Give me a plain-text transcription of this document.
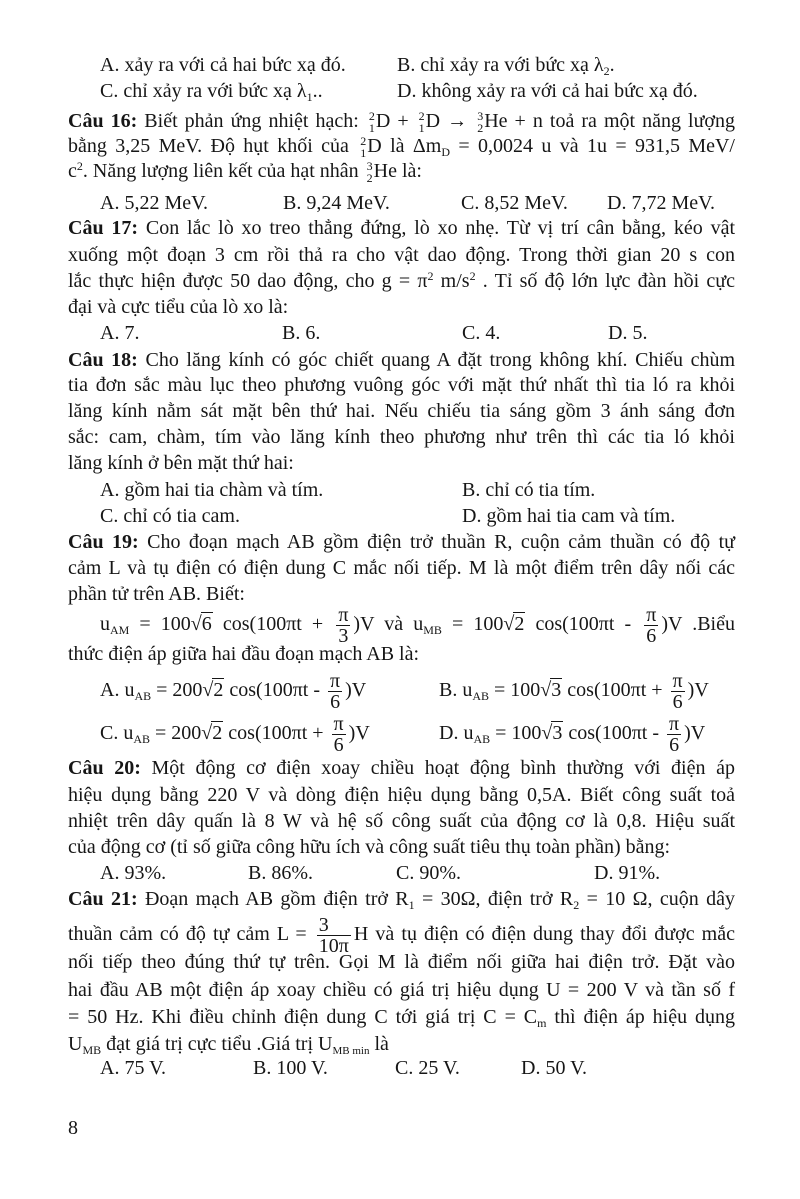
A. xảy ra với cả hai bức xạ đó.	B. chỉ xảy ra với bức xạ $\lambda_2$.
C. chỉ xảy ra với bức xạ $\lambda_1$..	D. không xảy ra với cả hai bức xạ đó.
Câu 16: Biết phản ứng nhiệt hạch: 2
1 D + 2
1 D → 3
2 He + n toả ra một năng lượng
bằng 3,25 MeV. Độ hụt khối của 2
1 D là $\Delta m_D = 0,0024$ u và 1u = 931,5 MeV/
$c^2$. Năng lượng liên kết của hạt nhân 3
2 He là:
A. 5,22 MeV.	B. 9,24 MeV.	C. 8,52 MeV. D. 7,72 MeV.
Câu 17: Con lắc lò xo treo thẳng đứng, lò xo nhẹ. Từ vị trí cân bằng, kéo vật
xuống một đoạn 3 cm rồi thả ra cho vật dao động. Trong thời gian 20 s con
lắc thực hiện được 50 dao động, cho $g = \pi^2$ $m/s^2$ . Tỉ số độ lớn lực đàn hồi cực
đại và cực tiểu của lò xo là:
A. 7.	B. 6.	C. 4.	D. 5.
Câu 18: Cho lăng kính có góc chiết quang A đặt trong không khí. Chiếu chùm
tia đơn sắc màu lục theo phương vuông góc với mặt thứ nhất thì tia ló ra khỏi
lăng kính nằm sát mặt bên thứ hai. Nếu chiếu tia sáng gồm 3 ánh sáng đơn
sắc: cam, chàm, tím vào lăng kính theo phương như trên thì các tia ló khỏi
lăng kính ở bên mặt thứ hai:
A. gồm hai tia chàm và tím.	B. chỉ có tia tím.
C. chỉ có tia cam.	D. gồm hai tia cam và tím.
Câu 19: Cho đoạn mạch AB gồm điện trở thuần R, cuộn cảm thuần có độ tự
cảm L và tụ điện có điện dung C mắc nối tiếp. M là một điểm trên dây nối các
phần tử trên AB. Biết:
$u_{AM} = 100√6$ $\cos(100\pi t + \frac{\pi}{3} )V$ và $u_{MB} = 100√2$ $\cos(100\pi t - \frac{\pi}{6} )V$ .Biểu
thức điện áp giữa hai đầu đoạn mạch AB là:
A. $u_{AB} = 200√2$ $\cos(100\pi t - \frac{\pi}{6} )V$	B. $u_{AB} = 100√3$ $\cos(100\pi t + \frac{\pi}{6} )V$
C. $u_{AB} = 200√2$ $\cos(100\pi t + \frac{\pi}{6} )V$	D. $u_{AB} = 100√3$ $\cos(100\pi t - \frac{\pi}{6} )V$
Câu 20: Một động cơ điện xoay chiều hoạt động bình thường với điện áp
hiệu dụng bằng 220 V và dòng điện hiệu dụng bằng 0,5A. Biết công suất toả
nhiệt trên dây quấn là 8 W và hệ số công suất của động cơ là 0,8. Hiệu suất
của động cơ (tỉ số giữa công hữu ích và công suất tiêu thụ toàn phần) bằng:
A. 93%.	B. 86%.	C. 90%.	D. 91%.
Câu 21: Đoạn mạch AB gồm điện trở $R_1 = 30\Omega$, điện trở $R_2 = 10$ Ω, cuộn dây
thuần cảm có độ tự cảm $L = \frac{3}{10\pi}$ H và tụ điện có điện dung thay đổi được mắc
nối tiếp theo đúng thứ tự trên. Gọi M là điểm nối giữa hai điện trở. Đặt vào
hai đầu AB một điện áp xoay chiều có giá trị hiệu dụng U = 200 V và tần số f
= 50 Hz. Khi điều chỉnh điện dung C tới giá trị $C = C_m$ thì điện áp hiệu dụng
$U_{MB}$ đạt giá trị cực tiểu .Giá trị $U_{MB min}$ là
A. 75 V.	B. 100 V.	C. 25 V.	D. 50 V.
8
